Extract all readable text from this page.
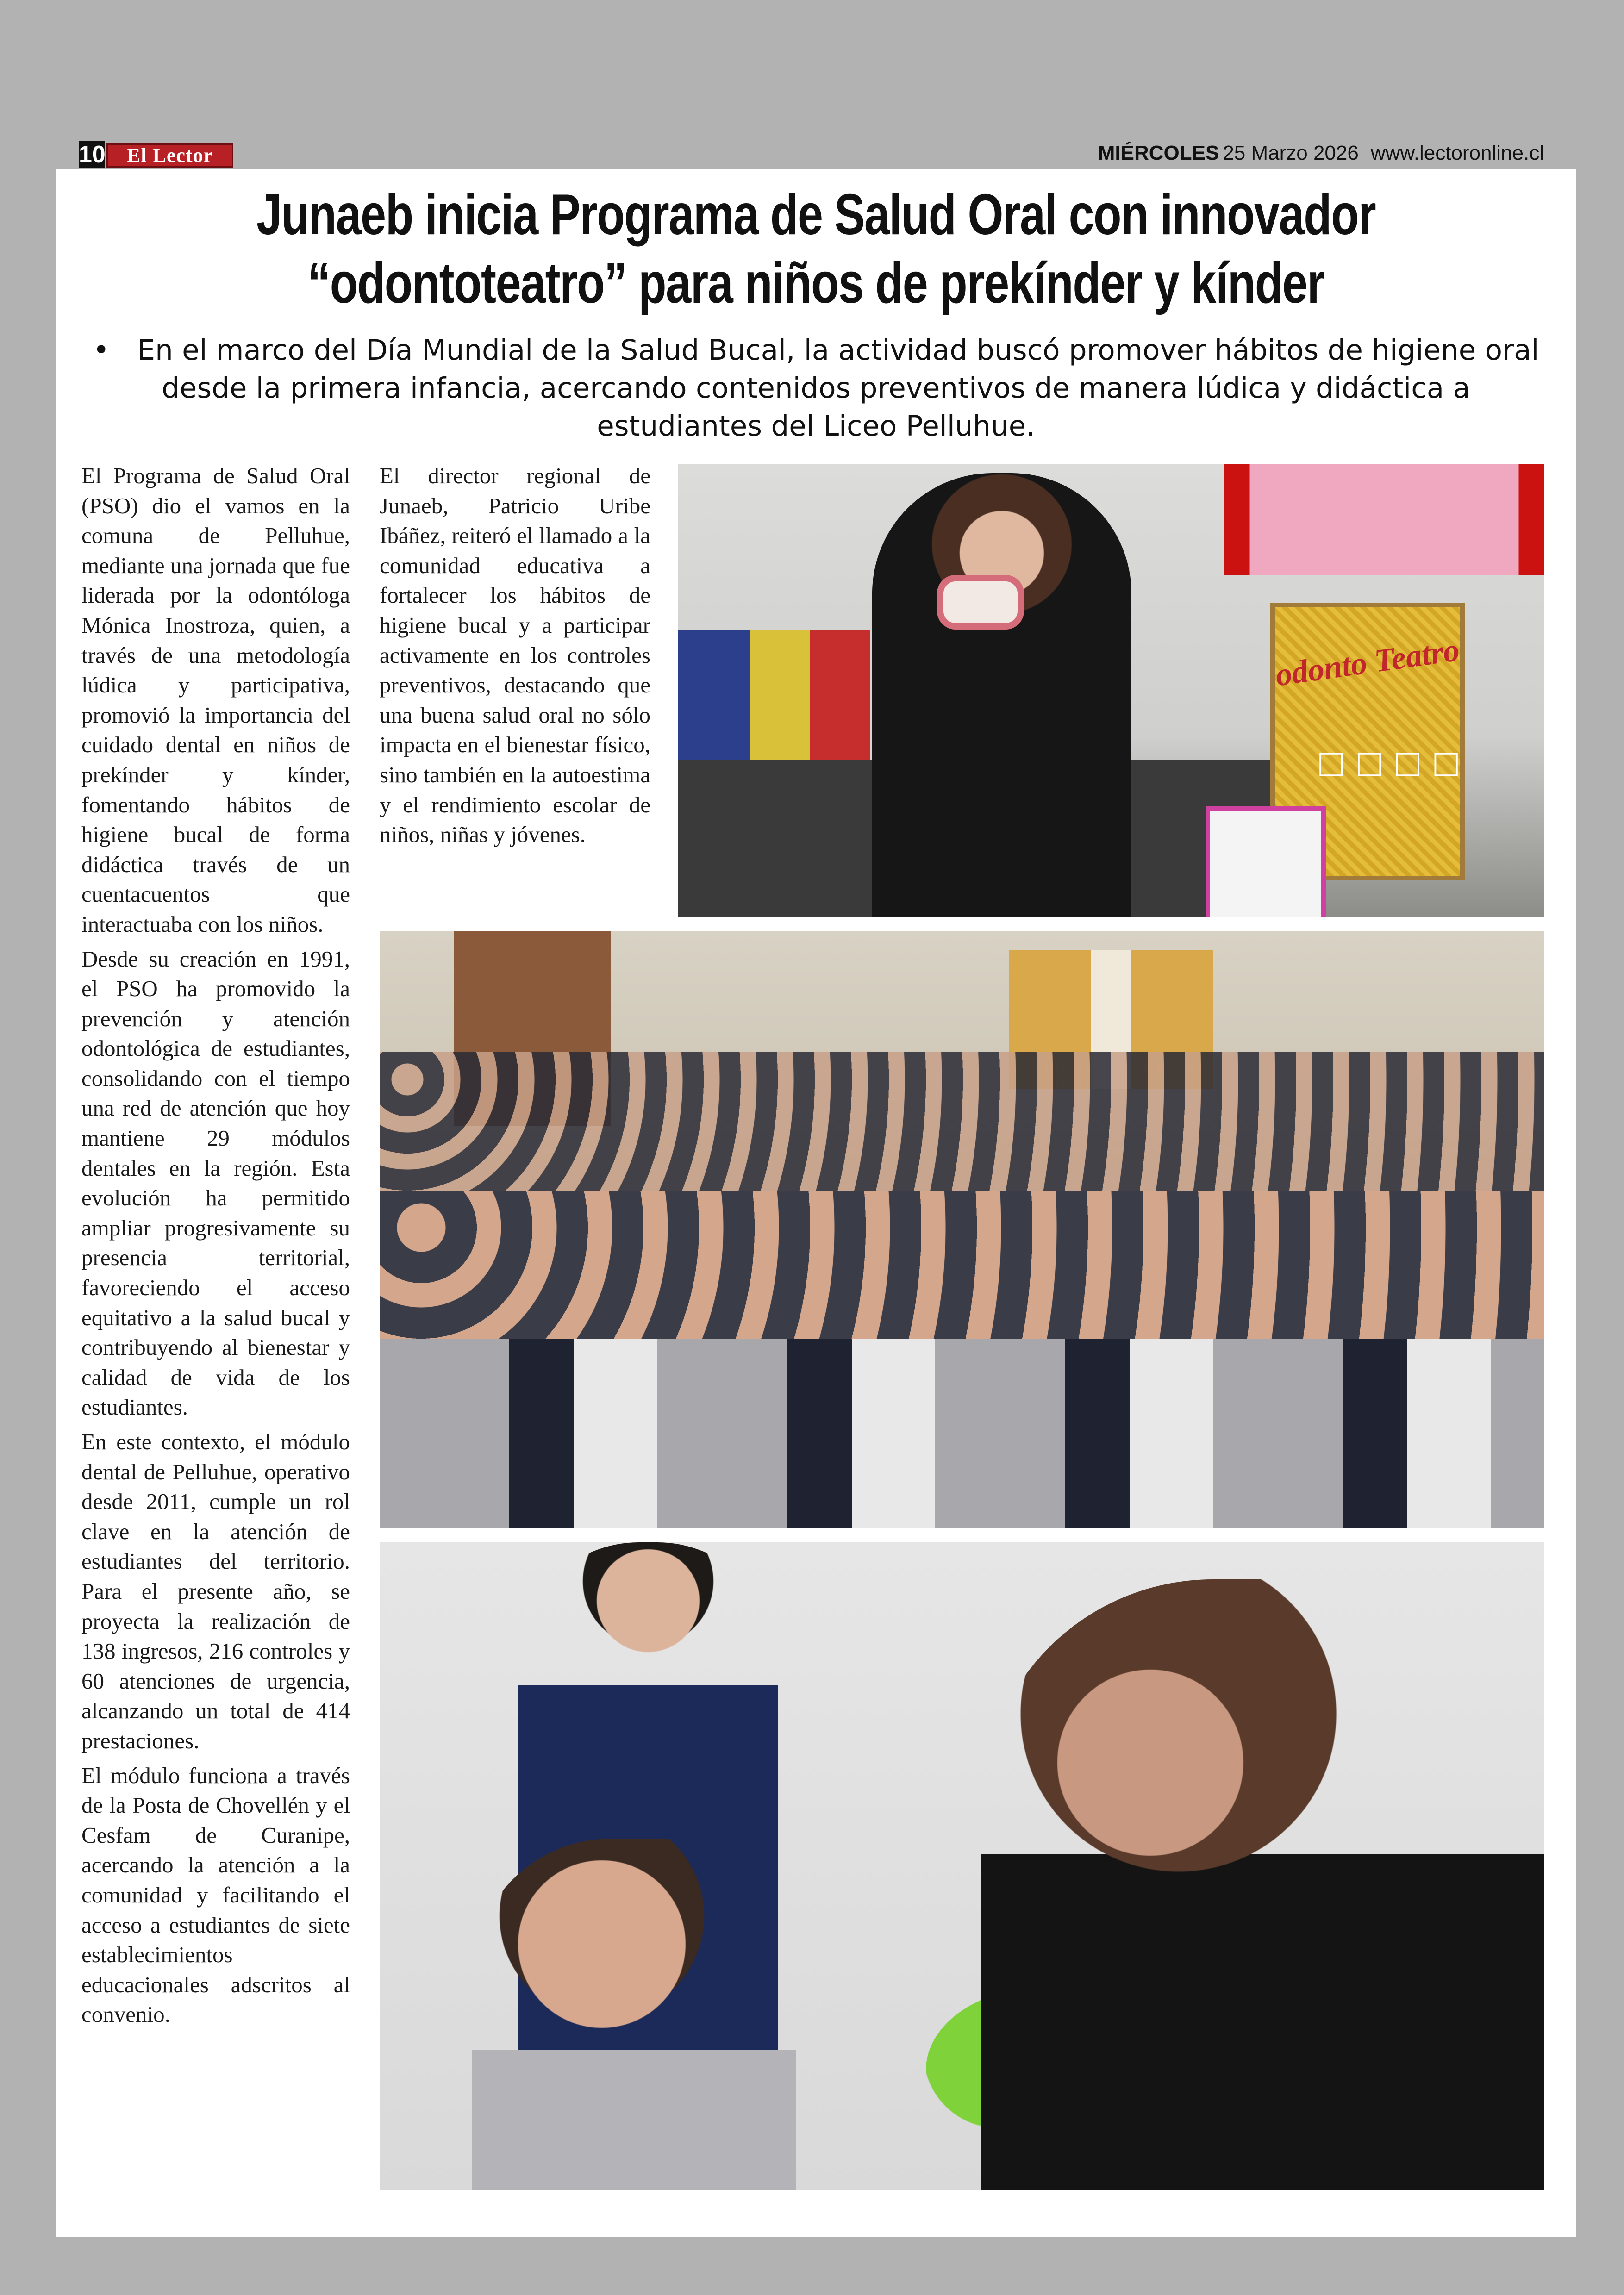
10	El Lector	MIÉRCOLES 25 Marzo 2026 www.lectoronline.cl
Junaeb inicia Programa de Salud Oral con innovador
“odontoteatro” para niños de prekínder y kínder

• En el marco del Día Mundial de la Salud Bucal, la actividad buscó promover hábitos de higiene oral desde la primera infancia, acercando contenidos preventivos de manera lúdica y didáctica a estudiantes del Liceo Pelluhue.

El Programa de Salud Oral (PSO) dio el vamos en la comuna de Pelluhue, mediante una jornada que fue liderada por la odontóloga Mónica Inostroza, quien, a través de una metodología lúdica y participativa, promovió la importancia del cuidado dental en niños de prekínder y kínder, fomentando hábitos de higiene bucal de forma didáctica través de un cuentacuentos que interactuaba con los niños.

Desde su creación en 1991, el PSO ha promovido la prevención y atención odontológica de estudiantes, consolidando con el tiempo una red de atención que hoy mantiene 29 módulos dentales en la región. Esta evolución ha permitido ampliar progresivamente su presencia territorial, favoreciendo el acceso equitativo a la salud bucal y contribuyendo al bienestar y calidad de vida de los estudiantes.

En este contexto, el módulo dental de Pelluhue, operativo desde 2011, cumple un rol clave en la atención de estudiantes del territorio. Para el presente año, se proyecta la realización de 138 ingresos, 216 controles y 60 atenciones de urgencia, alcanzando un total de 414 prestaciones.

El módulo funciona a través de la Posta de Chovellén y el Cesfam de Curanipe, acercando la atención a la comunidad y facilitando el acceso a estudiantes de siete establecimientos educacionales adscritos al convenio.

El director regional de Junaeb, Patricio Uribe Ibáñez, reiteró el llamado a la comunidad educativa a fortalecer los hábitos de higiene bucal y a participar activamente en los controles preventivos, destacando que una buena salud oral no sólo impacta en el bienestar físico, sino también en la autoestima y el rendimiento escolar de niños, niñas y jóvenes.

odonto Teatro
☐☐☐☐
